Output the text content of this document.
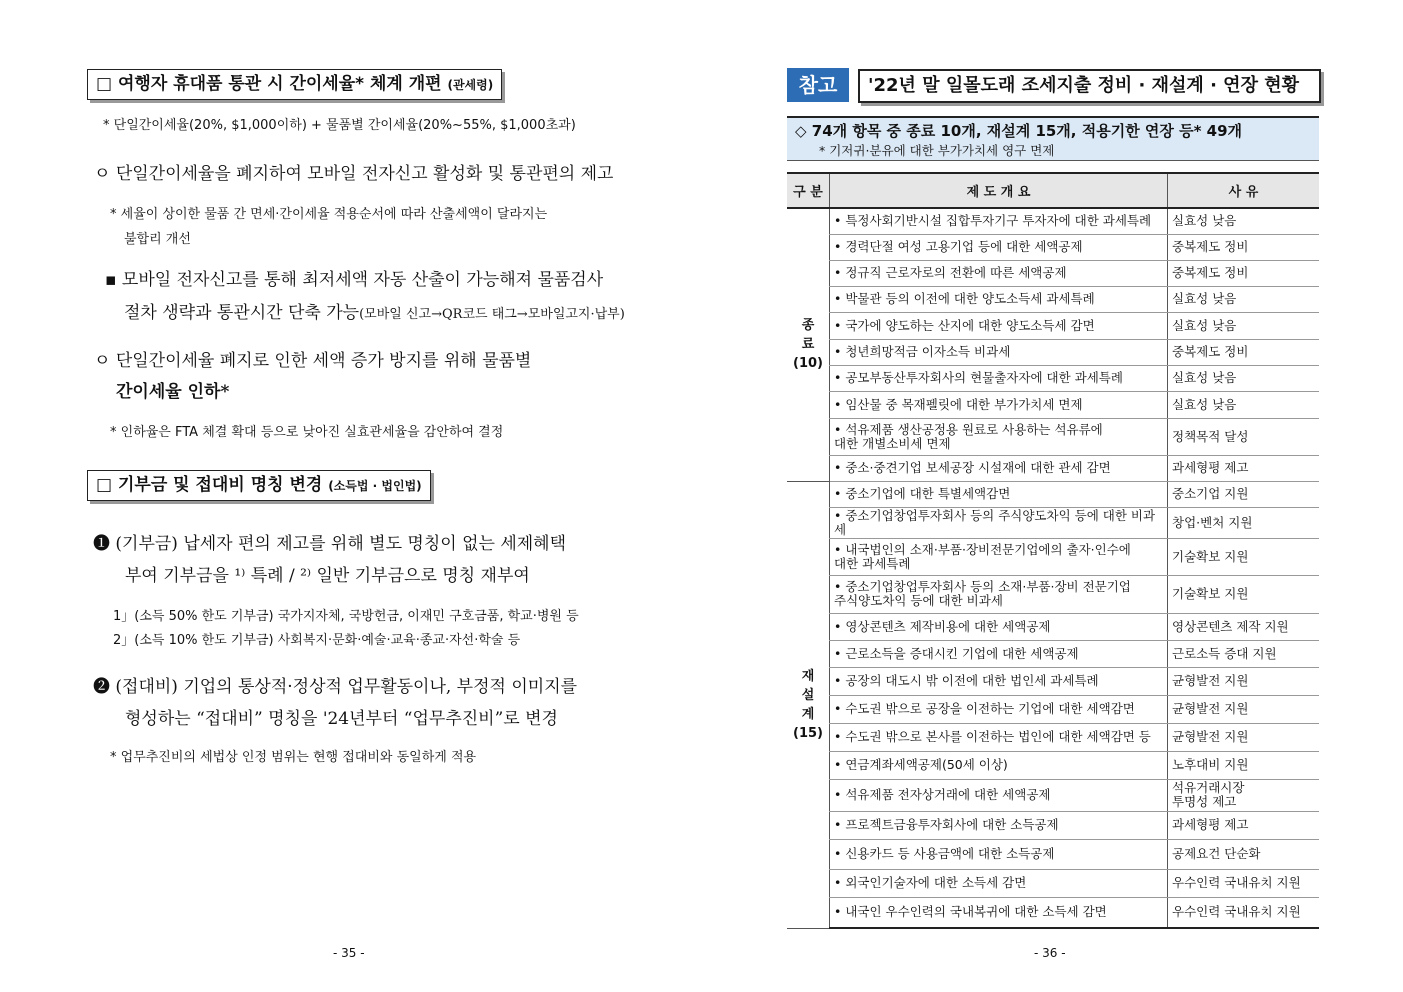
□ 여행자 휴대품 통관 시 간이세율* 체계 개편 (관세령)
* 단일간이세율(20%, $1,000이하) + 물품별 간이세율(20%~55%, $1,000초과)
ㅇ 단일간이세율을 폐지하여 모바일 전자신고 활성화 및 통관편의 제고
* 세율이 상이한 물품 간 면세·간이세율 적용순서에 따라 산출세액이 달라지는
불합리 개선
▪ 모바일 전자신고를 통해 최저세액 자동 산출이 가능해져 물품검사
절차 생략과 통관시간 단축 가능(모바일 신고→QR코드 태그→모바일고지·납부)
ㅇ 단일간이세율 폐지로 인한 세액 증가 방지를 위해 물품별
간이세율 인하*
* 인하율은 FTA 체결 확대 등으로 낮아진 실효관세율을 감안하여 결정
□ 기부금 및 접대비 명칭 변경 (소득법 · 법인법)
❶ (기부금) 납세자 편의 제고를 위해 별도 명칭이 없는 세제혜택
부여 기부금을 ¹⁾ 특례 / ²⁾ 일반 기부금으로 명칭 재부여
1」(소득 50% 한도 기부금) 국가지자체, 국방헌금, 이재민 구호금품, 학교·병원 등
2」(소득 10% 한도 기부금) 사회복지·문화·예술·교육·종교·자선·학술 등
❷ (접대비) 기업의 통상적·정상적 업무활동이나, 부정적 이미지를
형성하는 “접대비” 명칭을 '24년부터 “업무추진비”로 변경
* 업무추진비의 세법상 인정 범위는 현행 접대비와 동일하게 적용
- 35 -
참고	'22년 말 일몰도래 조세지출 정비 · 재설계 · 연장 현황
◇ 74개 항목 중 종료 10개, 재설계 15개, 적용기한 연장 등* 49개
* 기저귀·분유에 대한 부가가치세 영구 면제
구 분	제 도 개 요	사 유

종
료
(10)	• 특정사회기반시설 집합투자기구 투자자에 대한 과세특례	실효성 낮음
	• 경력단절 여성 고용기업 등에 대한 세액공제	중복제도 정비
	• 정규직 근로자로의 전환에 따른 세액공제	중복제도 정비
	• 박물관 등의 이전에 대한 양도소득세 과세특례	실효성 낮음
	• 국가에 양도하는 산지에 대한 양도소득세 감면	실효성 낮음
	• 청년희망적금 이자소득 비과세	중복제도 정비
	• 공모부동산투자회사의 현물출자자에 대한 과세특례	실효성 낮음
	• 임산물 중 목재펠릿에 대한 부가가치세 면제	실효성 낮음
	• 석유제품 생산공정용 원료로 사용하는 석유류에
대한 개별소비세 면제	정책목적 달성
	• 중소·중견기업 보세공장 시설재에 대한 관세 감면	과세형평 제고

재
설
계
(15)	• 중소기업에 대한 특별세액감면	중소기업 지원
	• 중소기업창업투자회사 등의 주식양도차익 등에 대한 비과세	창업·벤처 지원
	• 내국법인의 소재·부품·장비전문기업에의 출자·인수에
대한 과세특례	기술확보 지원
	• 중소기업창업투자회사 등의 소재·부품·장비 전문기업
주식양도차익 등에 대한 비과세	기술확보 지원
	• 영상콘텐츠 제작비용에 대한 세액공제	영상콘텐츠 제작 지원
	• 근로소득을 증대시킨 기업에 대한 세액공제	근로소득 증대 지원
	• 공장의 대도시 밖 이전에 대한 법인세 과세특례	균형발전 지원
	• 수도권 밖으로 공장을 이전하는 기업에 대한 세액감면	균형발전 지원
	• 수도권 밖으로 본사를 이전하는 법인에 대한 세액감면 등	균형발전 지원
	• 연금계좌세액공제(50세 이상)	노후대비 지원
	• 석유제품 전자상거래에 대한 세액공제	석유거래시장
투명성 제고
	• 프로젝트금융투자회사에 대한 소득공제	과세형평 제고
	• 신용카드 등 사용금액에 대한 소득공제	공제요건 단순화
	• 외국인기술자에 대한 소득세 감면	우수인력 국내유치 지원
	• 내국인 우수인력의 국내복귀에 대한 소득세 감면	우수인력 국내유치 지원
- 36 -
